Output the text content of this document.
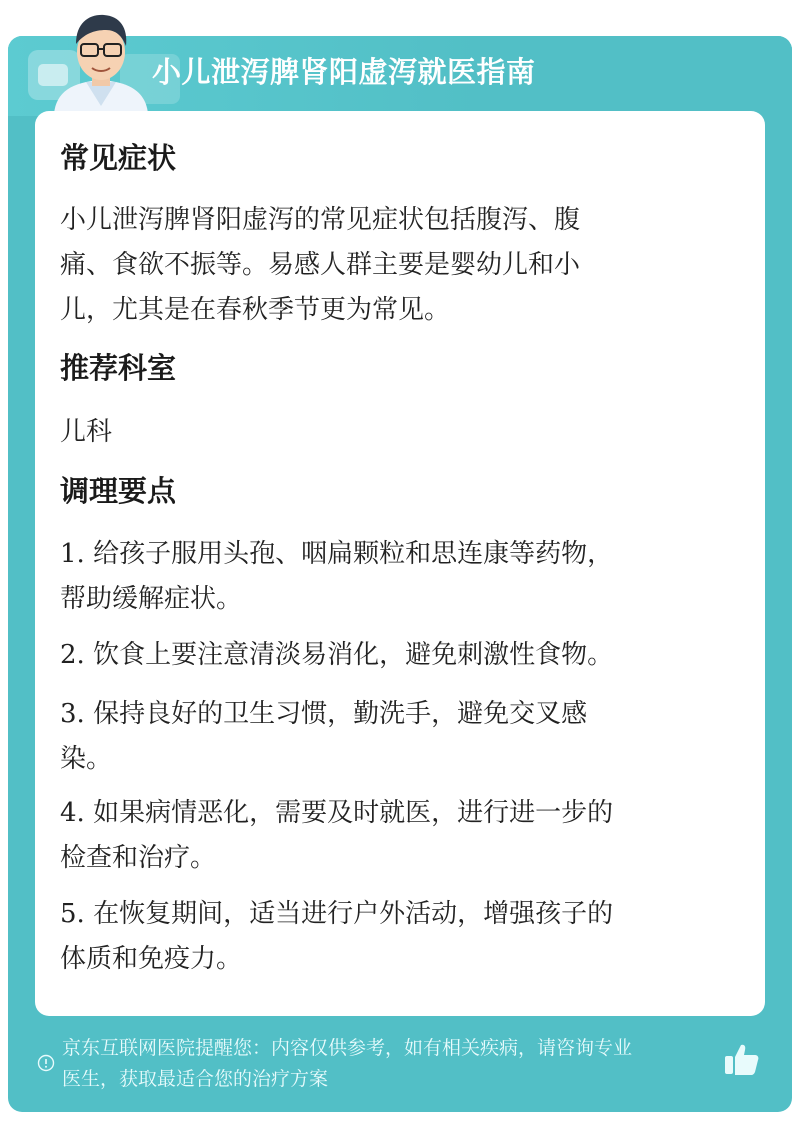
小儿泄泻脾肾阳虚泻就医指南
常见症状
小儿泄泻脾肾阳虚泻的常见症状包括腹泻、腹
痛、食欲不振等。易感人群主要是婴幼儿和小
儿，尤其是在春秋季节更为常见。
推荐科室
儿科
调理要点
1. 给孩子服用头孢、咽扁颗粒和思连康等药物，
帮助缓解症状。
2. 饮食上要注意清淡易消化，避免刺激性食物。
3. 保持良好的卫生习惯，勤洗手，避免交叉感
染。
4. 如果病情恶化，需要及时就医，进行进一步的
检查和治疗。
5. 在恢复期间，适当进行户外活动，增强孩子的
体质和免疫力。
京东互联网医院提醒您：内容仅供参考，如有相关疾病，请咨询专业
医生，获取最适合您的治疗方案
